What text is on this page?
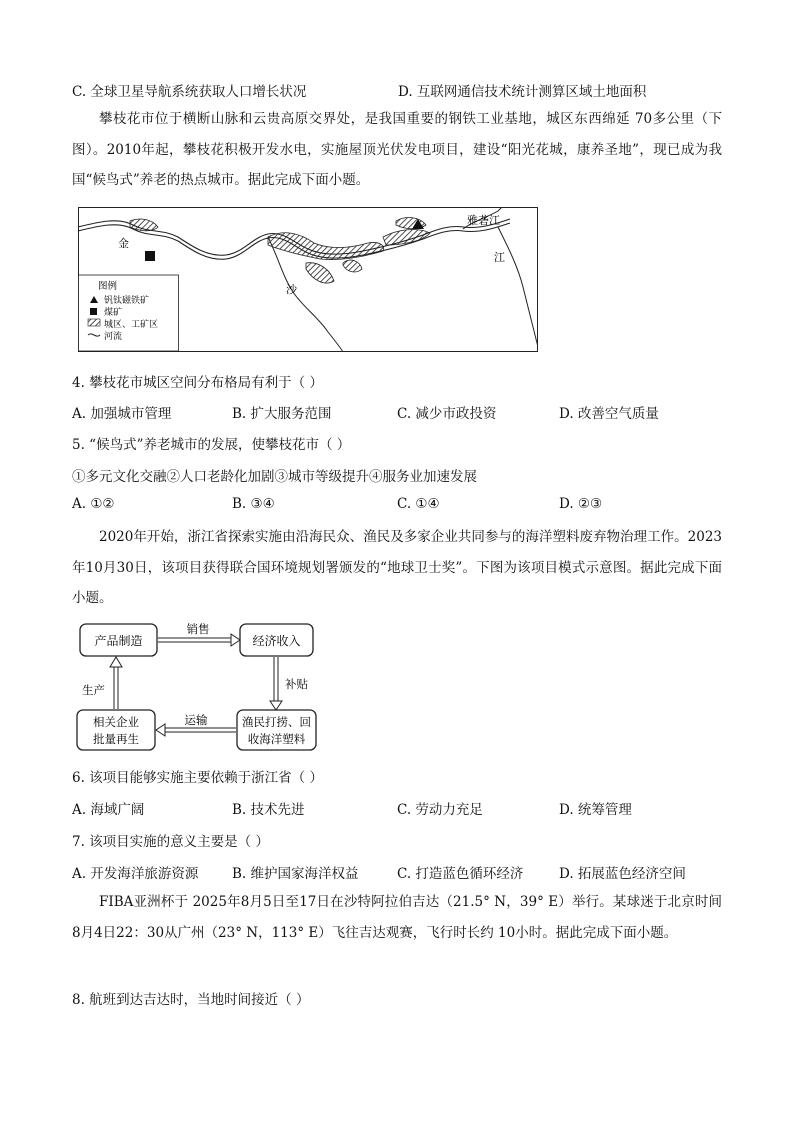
C. 全球卫星导航系统获取人口增长状况	D. 互联网通信技术统计测算区域土地面积
攀枝花市位于横断山脉和云贵高原交界处，是我国重要的钢铁工业基地，城区东西绵延 70多公里（下图）。2010年起，攀枝花积极开发水电，实施屋顶光伏发电项目，建设“阳光花城，康养圣地”，现已成为我国“候鸟式”养老的热点城市。据此完成下面小题。
金
沙
江
雅砻江
图例
钒钛磁铁矿
煤矿
城区、工矿区
河流
4. 攀枝花市城区空间分布格局有利于（ ）
A. 加强城市管理	B. 扩大服务范围	C. 减少市政投资	D. 改善空气质量
5. “候鸟式”养老城市的发展，使攀枝花市（ ）
①多元文化交融②人口老龄化加剧③城市等级提升④服务业加速发展
A. ①②	B. ③④	C. ①④	D. ②③
2020年开始，浙江省探索实施由沿海民众、渔民及多家企业共同参与的海洋塑料废弃物治理工作。2023年10月30日，该项目获得联合国环境规划署颁发的“地球卫士奖”。下图为该项目模式示意图。据此完成下面小题。
产品制造	经济收入
渔民打捞、回
收海洋塑料
相关企业
批量再生
销售
补贴
运输
生产
6. 该项目能够实施主要依赖于浙江省（ ）
A. 海域广阔	B. 技术先进	C. 劳动力充足	D. 统筹管理
7. 该项目实施的意义主要是（ ）
A. 开发海洋旅游资源 B. 维护国家海洋权益	C. 打造蓝色循环经济	D. 拓展蓝色经济空间
FIBA亚洲杯于 2025年8月5日至17日在沙特阿拉伯吉达（21.5° N，39° E）举行。某球迷于北京时间8月4日22：30从广州（23° N，113° E）飞往吉达观赛，飞行时长约 10小时。据此完成下面小题。
8. 航班到达吉达时，当地时间接近（ ）
